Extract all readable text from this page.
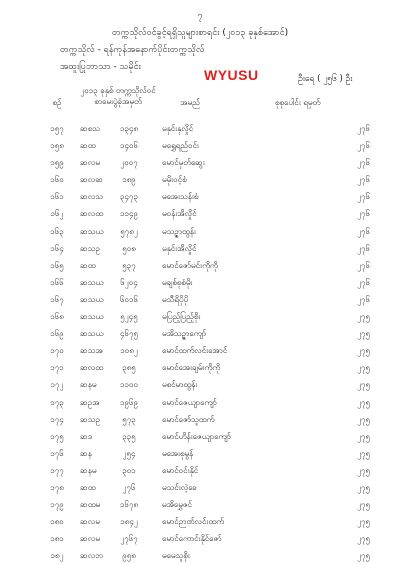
၇
တက္ကသိုလ်ဝင်ခွင့်ရရှိသူများစာရင်း (၂၀၁၃ ခုနှစ်အောင်)
တက္ကသိုလ် - ရန်ကုန်အနောက်ပိုင်းတက္ကသိုလ်
အထူးပြုဘာသာ - သမိုင်း	WYUSU	ဦးရေ ( ၂၅၆ ) ဦး
စဉ်
၂၀၁၃ ခုနှစ် တက္ကသိုလ်ဝင် စာမေးပွဲခုံအမှတ်	အမည်	စုစုပေါင်း ရမှတ်
၁၅၇	ဆစသ	၁၃၄၈	မနှင်းနုလှိုင်	၂၇၆
၁၅၈	ဆထ	၁၄၀၆	မရွှေရည်ဝင်း	၂၇၆
၁၅၉	ဆလမ	၂၀၀၇	မောင်မှတ်ဆွေး	၂၇၆
၁၆၀	ဆလဆ	၁၈၉	မမိုးဝင့်စံ	၂၇၆
၁၆၁	ဆလသ	၃၄၇၃	မအေးသန်းစံ	၂၇၆
၁၆၂	ဆလထ	၁၁၄၉	မဝန်းအိလှိုင်	၂၇၆
၁၆၃	ဆသယ	၅၇၈၂	မသဉ္ဇာထွန်း	၂၇၆
၁၆၄	ဆသဥ	၅၀၈	မနှင်းအိလှိုင်	၂၇၆
၁၆၅	ဆထ	၅၃၇	မောင်ဇော်မင်းကိုကို	၂၇၆
၁၆၆	ဆသယ	၆၂၀၄	မချစ်စုစံမိုး	၂၇၆
၁၆၇	ဆသယ	၆၀၁၆	မသီရိပိုပို	၂၇၆
၁၆၈	ဆသယ	၅၂၄၅	မပြည့်ပြည့်စိုး	၂၇၅
၁၆၉	ဆသယ	၄၆၇၅	မအိသဉ္ဇာကျော်	၂၇၅
၁၇၀	ဆသအ	၁၀၈၂	မောင်ထက်လင်းအောင်	၂၇၅
၁၇၁	ဆလထ	၃၈၅	မောင်အေးချမ်းကိုကို	၂၇၅
၁၇၂	ဆနမ	၁၁၀၀	မစင်မာထွန်း	၂၇၅
၁၇၃	ဆဥအ	၁၉၆၉	မောင်ဇေယျာကျော်	၂၇၅
၁၇၄	ဆသဥ	၅၇၃	မောင်ဇော်သူထက်	၂၇၅
၁၇၅	ဆဒ	၃၃၅	မောင်ဟိန်းဇေယျာကျော်	၂၇၅
၁၇၆	ဆန	၂၅၄	မအေးစုမွန်	၂၇၅
၁၇၇	ဆနမ	၃၀၁	မောင်ဝင်းနိုင်	၂၇၅
၁၇၈	ဆထ	၂၇၆	မသင်းလဲ့ခေ	၂၇၅
၁၇၉	ဆထမ	၁၆၇၈	မအိမွှေဇင်	၂၇၅
၁၈၀	ဆလမ	၁၈၄၂	မောင်ဉာဏ်လင်းထက်	၂၇၅
၁၈၁	ဆလမ	၂၇၆၇	မောင်ကောင်းနိုင်ဇော်	၂၇၅
၁၈၂	ဆလဘ	၉၅၈	မမေသူစိုး	၂၇၅
